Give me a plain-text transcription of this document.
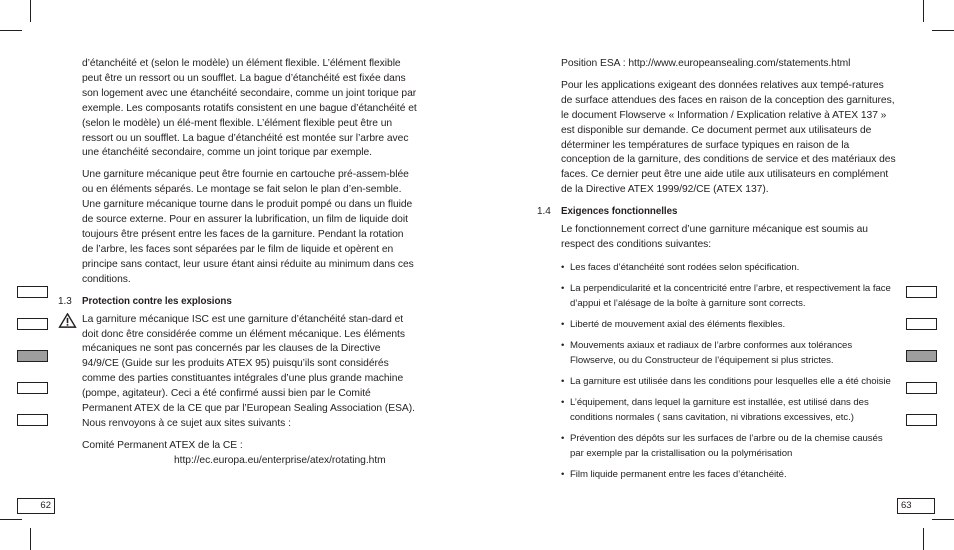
62	63

d’étanchéité et (selon le modèle) un élément flexible. L’élément flexible peut être un ressort ou un soufflet. La bague d’étanchéité est fixée dans son logement avec une étanchéité secondaire, comme un joint torique par exemple. Les composants rotatifs consistent en une bague d’étanchéité et (selon le modèle) un élé-ment flexible. L’élément flexible peut être un ressort ou un soufflet. La bague d’étanchéité est montée sur l’arbre avec une étanchéité secondaire, comme un joint torique par exemple.

Une garniture mécanique peut être fournie en cartouche pré-assem-blée ou en éléments séparés. Le montage se fait selon le plan d’en-semble. Une garniture mécanique tourne dans le produit pompé ou dans un fluide de source externe. Pour en assurer la lubrification, un film de liquide doit toujours être présent entre les faces de la garniture. Pendant la rotation de l’arbre, les faces sont séparées par le film de liquide et opèrent en principe sans contact, leur usure étant ainsi réduite au minimum dans ces conditions.

1.3 Protection contre les explosions

La garniture mécanique ISC est une garniture d’étanchéité stan-dard et doit donc être considérée comme un élément mécanique. Les éléments mécaniques ne sont pas concernés par les clauses de la Directive 94/9/CE (Guide sur les produits ATEX 95) puisqu’ils sont considérés comme des parties constituantes intégrales d’une plus grande machine (pompe, agitateur). Ceci a été confirmé aussi bien par le Comité Permanent ATEX de la CE que par l’European Sealing Association (ESA). Nous renvoyons à ce sujet aux sites suivants :

Comité Permanent ATEX de la CE :

http://ec.europa.eu/enterprise/atex/rotating.htm

Position ESA : http://www.europeansealing.com/statements.html

Pour les applications exigeant des données relatives aux tempé-ratures de surface attendues des faces en raison de la conception des garnitures, le document Flowserve « Information / Explication relative à ATEX 137 » est disponible sur demande. Ce document permet aux utilisateurs de déterminer les températures de surface typiques en raison de la conception de la garniture, des conditions de service et des matériaux des faces. Ce dernier peut être une aide utile aux utilisateurs en complément de la Directive ATEX 1999/92/CE (ATEX 137).

1.4 Exigences fonctionnelles

Le fonctionnement correct d’une garniture mécanique est soumis au respect des conditions suivantes:

• Les faces d’étanchéité sont rodées selon spécification.
• La perpendicularité et la concentricité entre l’arbre, et respectivement la face d’appui et l’alésage de la boîte à garniture sont corrects.
• Liberté de mouvement axial des éléments flexibles.
• Mouvements axiaux et radiaux de l’arbre conformes aux tolérances Flowserve, ou du Constructeur de l’équipement si plus strictes.
• La garniture est utilisée dans les conditions pour lesquelles elle a été choisie
• L’équipement, dans lequel la garniture est installée, est utilisé dans des conditions normales ( sans cavitation, ni vibrations excessives, etc.)
• Prévention des dépôts sur les surfaces de l’arbre ou de la chemise causés par exemple par la cristallisation ou la polymérisation
• Film liquide permanent entre les faces d’étanchéité.
